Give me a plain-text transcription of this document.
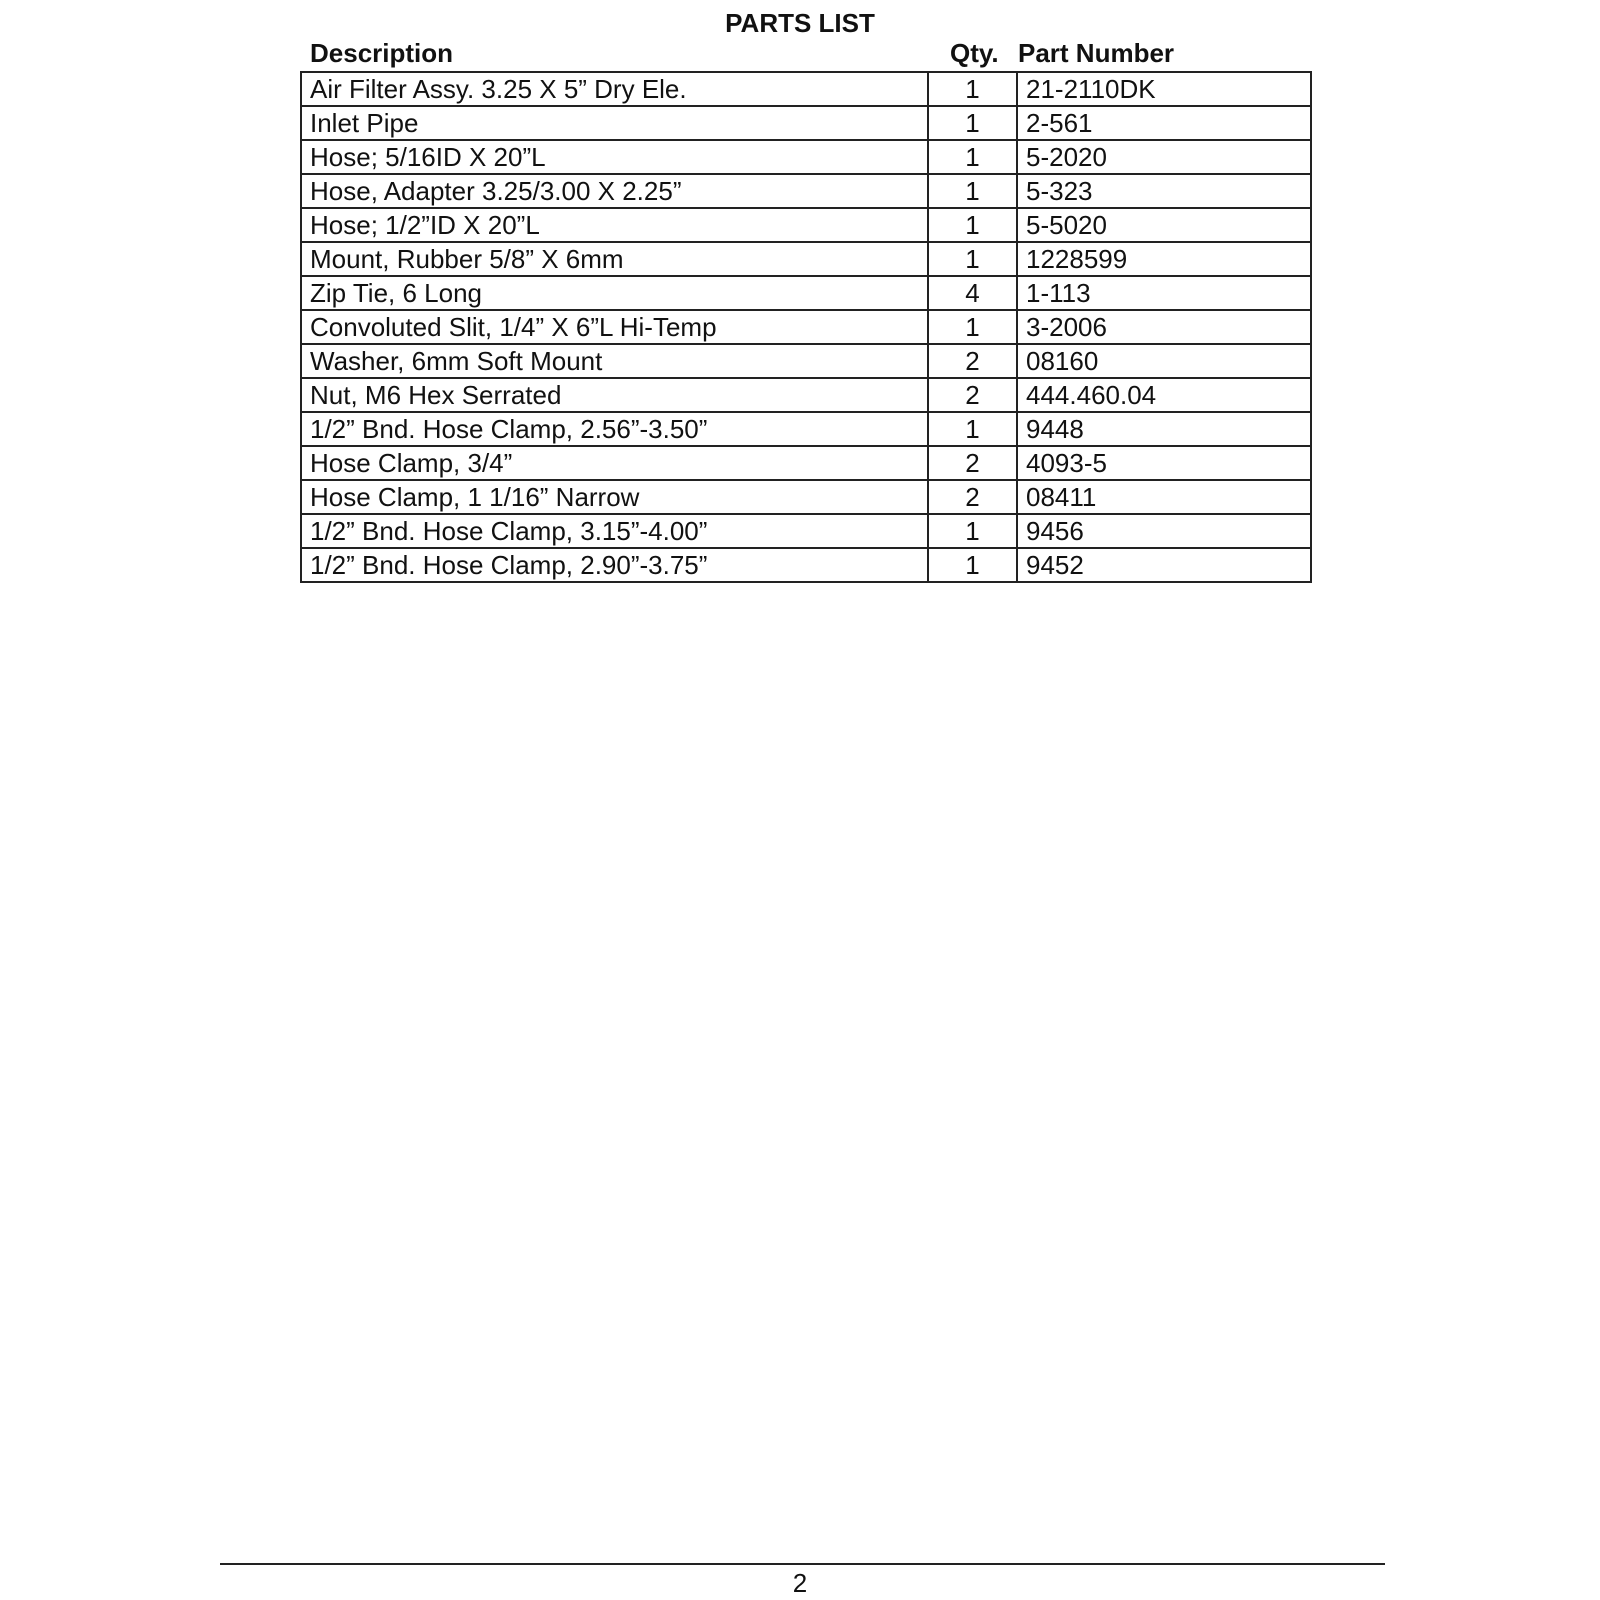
PARTS LIST
Description	Qty. Part Number
Air Filter Assy. 3.25 X 5” Dry Ele.	1	21-2110DK
Inlet Pipe	1	2-561
Hose; 5/16ID X 20”L	1	5-2020
Hose, Adapter 3.25/3.00 X 2.25”	1	5-323
Hose; 1/2”ID X 20”L	1	5-5020
Mount, Rubber 5/8” X 6mm	1	1228599
Zip Tie, 6 Long	4	1-113
Convoluted Slit, 1/4” X 6”L Hi-Temp	1	3-2006
Washer, 6mm Soft Mount	2	08160
Nut, M6 Hex Serrated	2	444.460.04
1/2” Bnd. Hose Clamp, 2.56”-3.50”	1	9448
Hose Clamp, 3/4”	2	4093-5
Hose Clamp, 1 1/16” Narrow	2	08411
1/2” Bnd. Hose Clamp, 3.15”-4.00”	1	9456
1/2” Bnd. Hose Clamp, 2.90”-3.75”	1	9452
2
